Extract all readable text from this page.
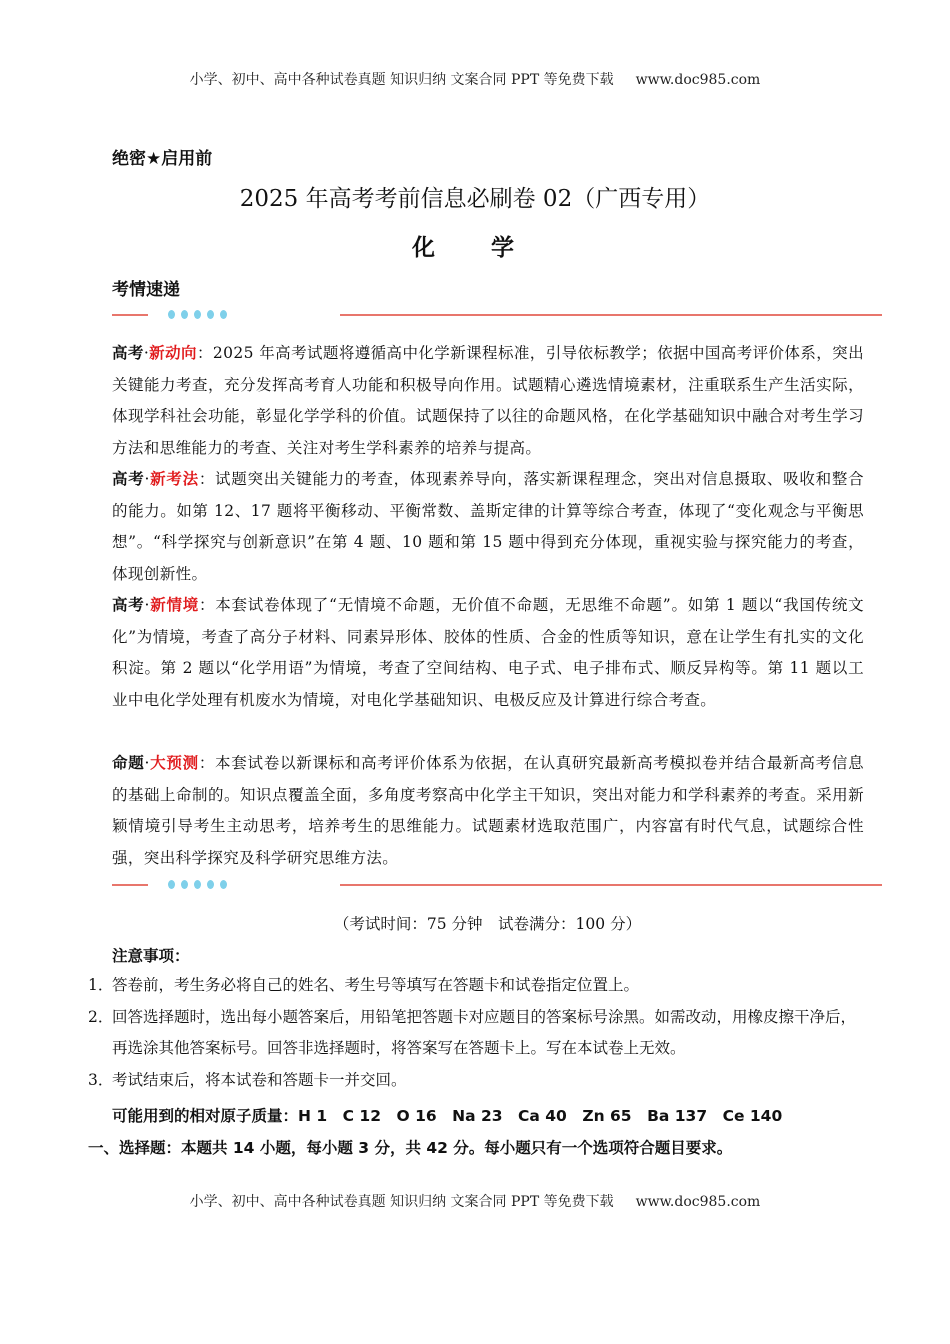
小学、初中、高中各种试卷真题 知识归纳 文案合同 PPT 等免费下载 www.doc985.com
绝密★启用前
2025 年高考考前信息必刷卷 02（广西专用）
化 学
考情速递
高考·新动向：2025 年高考试题将遵循高中化学新课程标准，引导依标教学；依据中国高考评价体系，突出关键能力考查，充分发挥高考育人功能和积极导向作用。试题精心遴选情境素材，注重联系生产生活实际，体现学科社会功能，彰显化学学科的价值。试题保持了以往的命题风格，在化学基础知识中融合对考生学习方法和思维能力的考查、关注对考生学科素养的培养与提高。
高考·新考法：试题突出关键能力的考查，体现素养导向，落实新课程理念，突出对信息摄取、吸收和整合的能力。如第 12、17 题将平衡移动、平衡常数、盖斯定律的计算等综合考查，体现了“变化观念与平衡思想”。“科学探究与创新意识”在第 4 题、10 题和第 15 题中得到充分体现，重视实验与探究能力的考查，体现创新性。
高考·新情境：本套试卷体现了“无情境不命题，无价值不命题，无思维不命题”。如第 1 题以“我国传统文化”为情境，考查了高分子材料、同素异形体、胶体的性质、合金的性质等知识，意在让学生有扎实的文化积淀。第 2 题以“化学用语”为情境，考查了空间结构、电子式、电子排布式、顺反异构等。第 11 题以工业中电化学处理有机废水为情境，对电化学基础知识、电极反应及计算进行综合考查。
命题·大预测：本套试卷以新课标和高考评价体系为依据，在认真研究最新高考模拟卷并结合最新高考信息的基础上命制的。知识点覆盖全面，多角度考察高中化学主干知识，突出对能力和学科素养的考查。采用新颖情境引导考生主动思考，培养考生的思维能力。试题素材选取范围广，内容富有时代气息，试题综合性强，突出科学探究及科学研究思维方法。
（考试时间：75 分钟　试卷满分：100 分）
注意事项：
1．
答卷前，考生务必将自己的姓名、考生号等填写在答题卡和试卷指定位置上。
2．
回答选择题时，选出每小题答案后，用铅笔把答题卡对应题目的答案标号涂黑。如需改动，用橡皮擦干净后，再选涂其他答案标号。回答非选择题时，将答案写在答题卡上。写在本试卷上无效。
3．
考试结束后，将本试卷和答题卡一并交回。
可能用到的相对原子质量：H 1　C 12　O 16　Na 23　Ca 40　Zn 65　Ba 137　Ce 140
一、选择题：本题共 14 小题，每小题 3 分，共 42 分。每小题只有一个选项符合题目要求。
小学、初中、高中各种试卷真题 知识归纳 文案合同 PPT 等免费下载 www.doc985.com
